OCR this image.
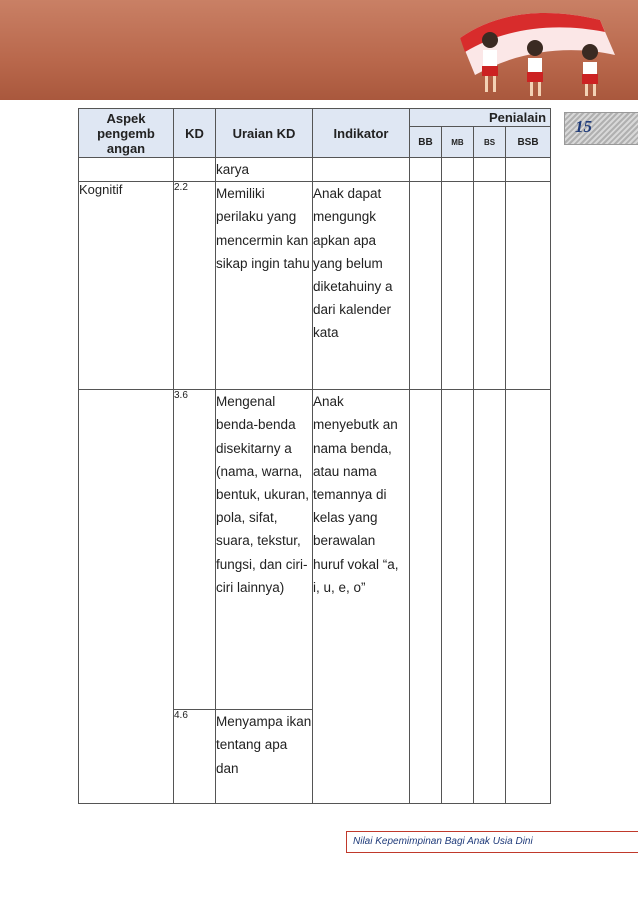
15
Aspek pengemb angan	KD	Uraian KD	Indikator	Penialain			
				BB	MB	BS	BSB
		karya					
Kognitif	2.2	Memiliki perilaku yang mencermin kan sikap ingin tahu	Anak dapat mengungk apkan apa yang belum diketahuiny a dari kalender kata				
	3.6	Mengenal benda-benda disekitarny a (nama, warna, bentuk, ukuran, pola, sifat, suara, tekstur, fungsi, dan ciri-ciri lainnya)	Anak menyebutk an nama benda, atau nama temannya di kelas yang berawalan huruf vokal “a, i, u, e, o”				
	4.6	Menyampa ikan tentang apa dan					
Nilai Kepemimpinan Bagi Anak Usia Dini
